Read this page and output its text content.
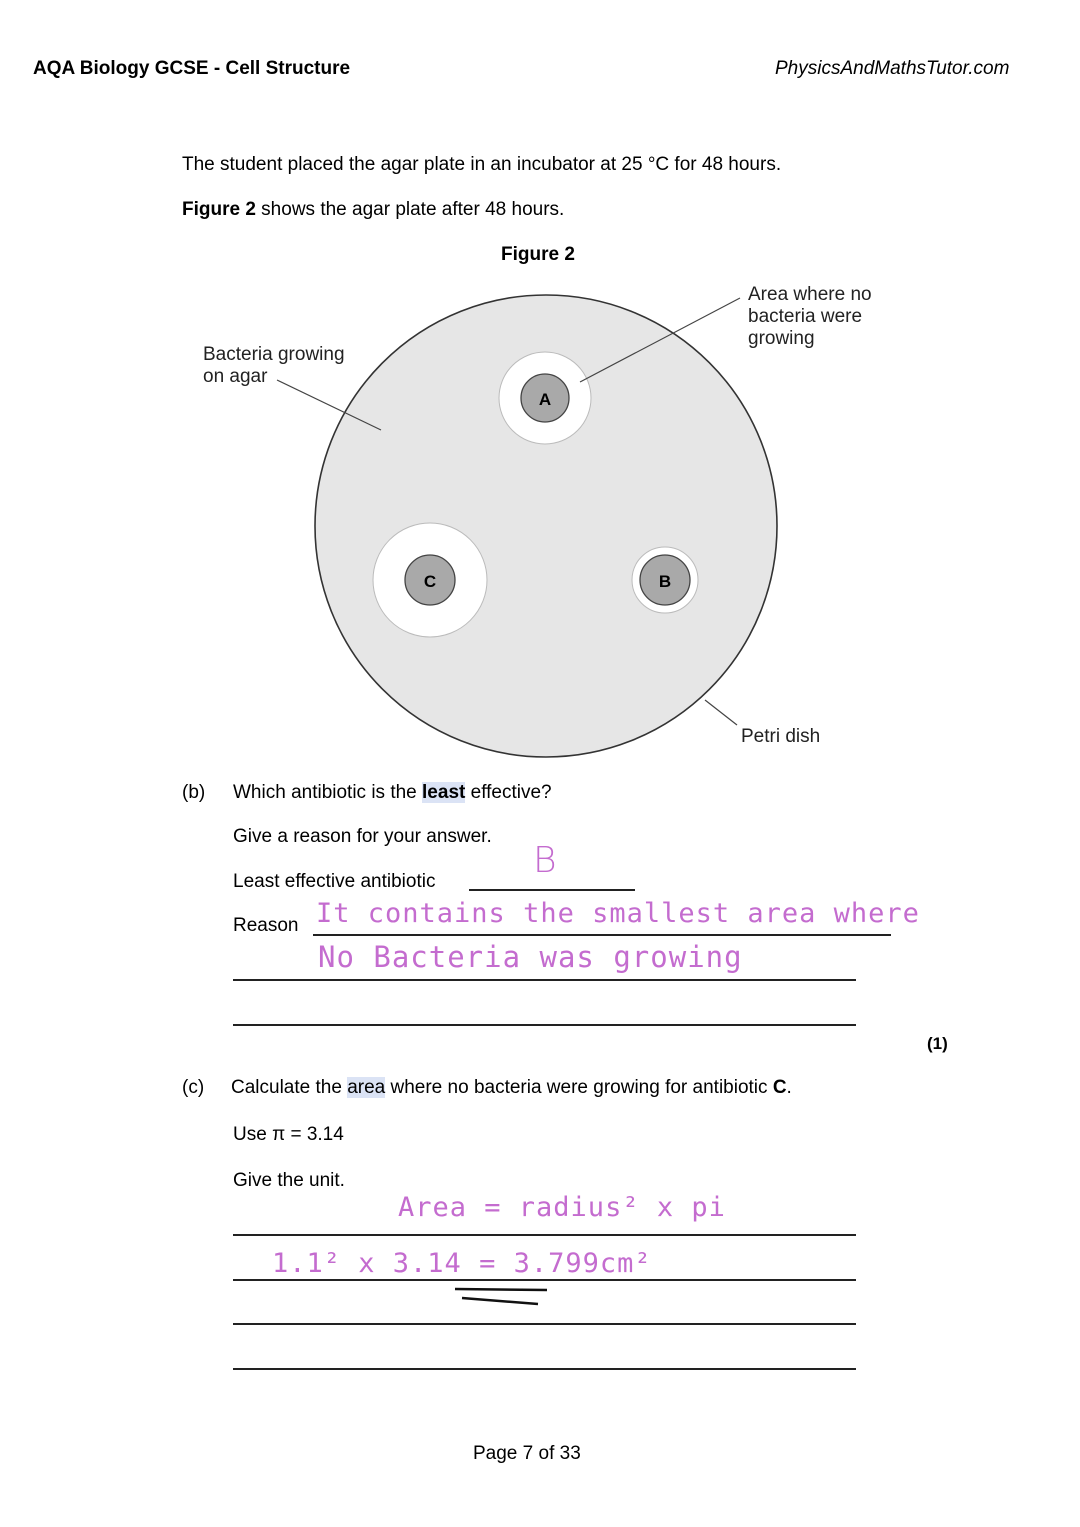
AQA Biology GCSE - Cell Structure	PhysicsAndMathsTutor.com
The student placed the agar plate in an incubator at 25 °C for 48 hours.
Figure 2 shows the agar plate after 48 hours.
Figure 2
A
C	B
Bacteria growing
on agar
Area where no
bacteria were
growing
Petri dish
(b) Which antibiotic is the least effective?
Give a reason for your answer.
Least effective antibiotic
B
Reason It contains the smallest area where
No Bacteria was growing
(1)
(c) Calculate the area where no bacteria were growing for antibiotic C.
Use π = 3.14
Give the unit.
Area = radius² x pi
1.1² x 3.14 = 3.799cm²
Page 7 of 33
